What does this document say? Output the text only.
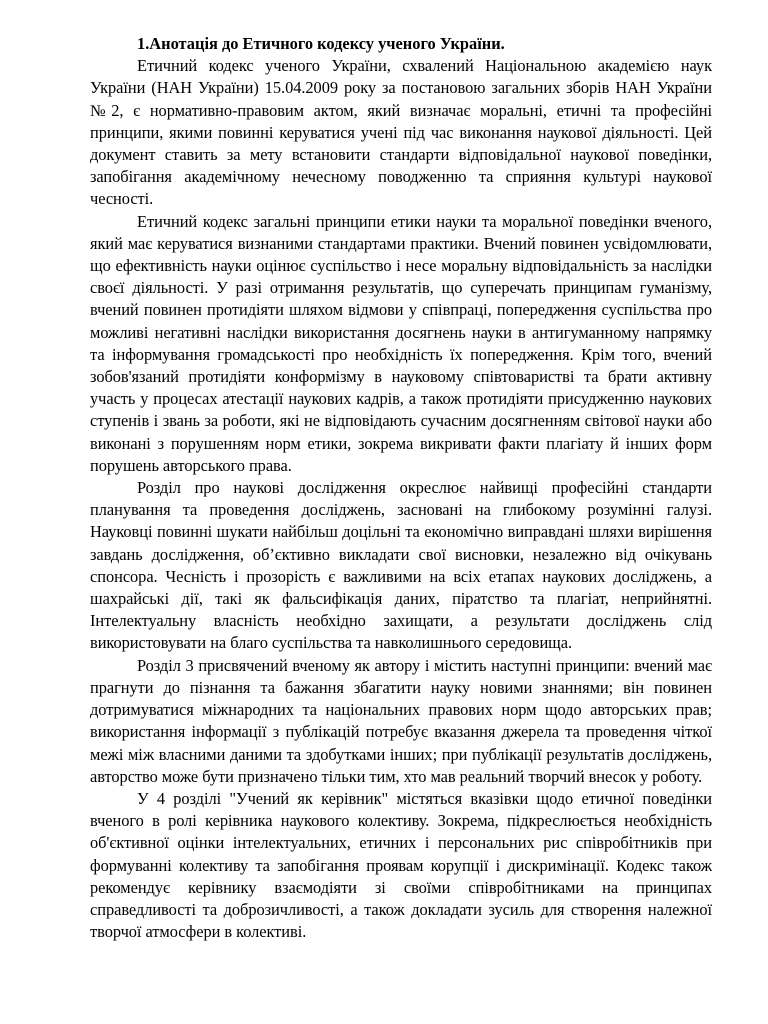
1.Анотація до Етичного кодексу ученого України.

Етичний кодекс ученого України, схвалений Національною академією наук України (НАН України) 15.04.2009 року за постановою загальних зборів НАН України №2, є нормативно-правовим актом, який визначає моральні, етичні та професійні принципи, якими повинні керуватися учені під час виконання наукової діяльності. Цей документ ставить за мету встановити стандарти відповідальної наукової поведінки, запобігання академічному нечесному поводженню та сприяння культурі наукової чесності.

Етичний кодекс загальні принципи етики науки та моральної поведінки вченого, який має керуватися визнаними стандартами практики. Вчений повинен усвідомлювати, що ефективність науки оцінює суспільство і несе моральну відповідальність за наслідки своєї діяльності. У разі отримання результатів, що суперечать принципам гуманізму, вчений повинен протидіяти шляхом відмови у співпраці, попередження суспільства про можливі негативні наслідки використання досягнень науки в антигуманному напрямку та інформування громадськості про необхідність їх попередження. Крім того, вчений зобов'язаний протидіяти конформізму в науковому співтоваристві та брати активну участь у процесах атестації наукових кадрів, а також протидіяти присудженню наукових ступенів і звань за роботи, які не відповідають сучасним досягненням світової науки або виконані з порушенням норм етики, зокрема викривати факти плагіату й інших форм порушень авторського права.

Розділ про наукові дослідження окреслює найвищі професійні стандарти планування та проведення досліджень, засновані на глибокому розумінні галузі. Науковці повинні шукати найбільш доцільні та економічно виправдані шляхи вирішення завдань дослідження, об’єктивно викладати свої висновки, незалежно від очікувань спонсора. Чесність і прозорість є важливими на всіх етапах наукових досліджень, а шахрайські дії, такі як фальсифікація даних, піратство та плагіат, неприйнятні. Інтелектуальну власність необхідно захищати, а результати досліджень слід використовувати на благо суспільства та навколишнього середовища.

Розділ 3 присвячений вченому як автору і містить наступні принципи: вчений має прагнути до пізнання та бажання збагатити науку новими знаннями; він повинен дотримуватися міжнародних та національних правових норм щодо авторських прав; використання інформації з публікацій потребує вказання джерела та проведення чіткої межі між власними даними та здобутками інших; при публікації результатів досліджень, авторство може бути призначено тільки тим, хто мав реальний творчий внесок у роботу.

У 4 розділі "Учений як керівник" містяться вказівки щодо етичної поведінки вченого в ролі керівника наукового колективу. Зокрема, підкреслюється необхідність об'єктивної оцінки інтелектуальних, етичних і персональних рис співробітників при формуванні колективу та запобігання проявам корупції і дискримінації. Кодекс також рекомендує керівнику взаємодіяти зі своїми співробітниками на принципах справедливості та доброзичливості, а також докладати зусиль для створення належної творчої атмосфери в колективі.
